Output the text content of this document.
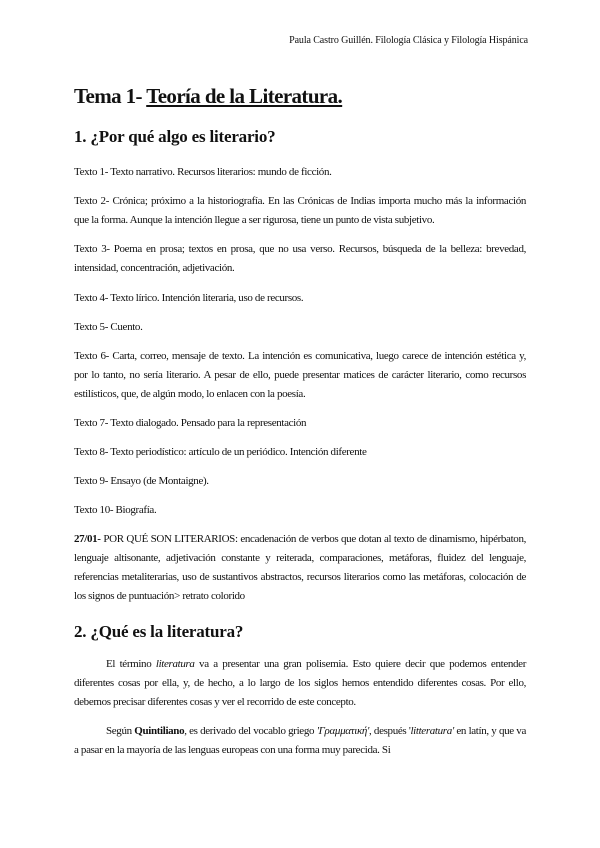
Paula Castro Guillén. Filología Clásica y Filología Hispánica
Tema 1- Teoría de la Literatura.
1. ¿Por qué algo es literario?

Texto 1- Texto narrativo. Recursos literarios: mundo de ficción.

Texto 2- Crónica; próximo a la historiografía. En las Crónicas de Indias importa mucho más la información que la forma. Aunque la intención llegue a ser rigurosa, tiene un punto de vista subjetivo.

Texto 3- Poema en prosa; textos en prosa, que no usa verso. Recursos, búsqueda de la belleza: brevedad, intensidad, concentración, adjetivación.

Texto 4- Texto lírico. Intención literaria, uso de recursos.

Texto 5- Cuento.

Texto 6- Carta, correo, mensaje de texto. La intención es comunicativa, luego carece de intención estética y, por lo tanto, no sería literario. A pesar de ello, puede presentar matices de carácter literario, como recursos estilísticos, que, de algún modo, lo enlacen con la poesía.

Texto 7- Texto dialogado. Pensado para la representación

Texto 8- Texto periodístico: artículo de un periódico. Intención diferente

Texto 9- Ensayo (de Montaigne).

Texto 10- Biografía.

27/01- POR QUÉ SON LITERARIOS: encadenación de verbos que dotan al texto de dinamismo, hipérbaton, lenguaje altisonante, adjetivación constante y reiterada, comparaciones, metáforas, fluidez del lenguaje, referencias metaliterarias, uso de sustantivos abstractos, recursos literarios como las metáforas, colocación de los signos de puntuación> retrato colorido

2. ¿Qué es la literatura?

El término literatura va a presentar una gran polisemia. Esto quiere decir que podemos entender diferentes cosas por ella, y, de hecho, a lo largo de los siglos hemos entendido diferentes cosas. Por ello, debemos precisar diferentes cosas y ver el recorrido de este concepto.

Según Quintiliano, es derivado del vocablo griego 'Γραμματική', después 'litteratura' en latín, y que va a pasar en la mayoría de las lenguas europeas con una forma muy parecida. Si
